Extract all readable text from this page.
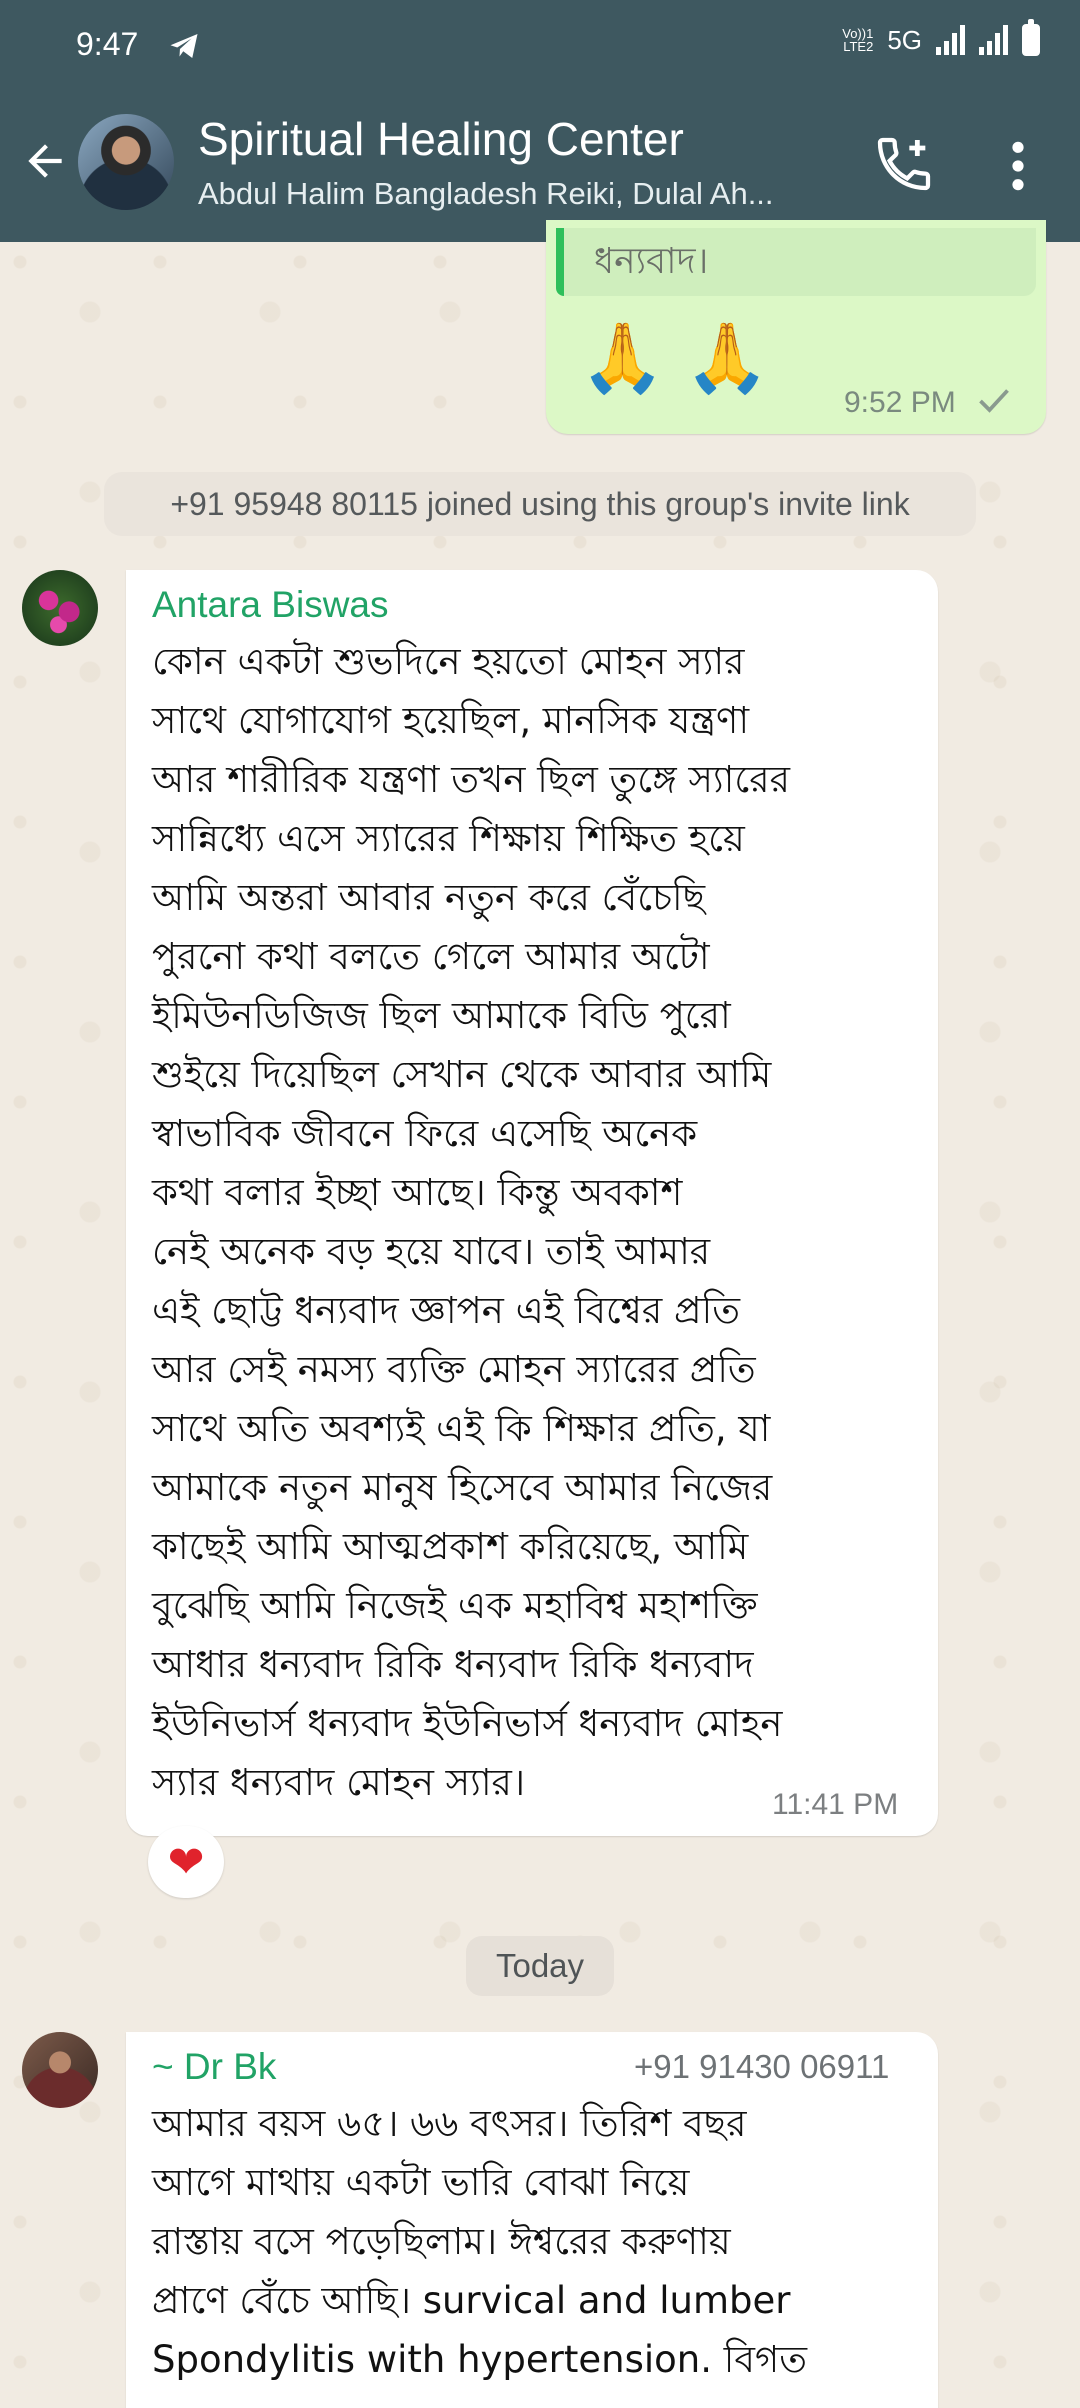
9:47	Vo))1
LTE2 5G
Spiritual Healing Center
Abdul Halim Bangladesh Reiki, Dulal Ah...
ধন্যবাদ।
🙏🙏
9:52 PM
+91 95948 80115 joined using this group's invite link
Antara Biswas
কোন একটা শুভদিনে হয়তো মোহন স্যার
সাথে যোগাযোগ হয়েছিল, মানসিক যন্ত্রণা
আর শারীরিক যন্ত্রণা তখন ছিল তুঙ্গে স্যারের
সান্নিধ্যে এসে স্যারের শিক্ষায় শিক্ষিত হয়ে
আমি অন্তরা আবার নতুন করে বেঁচেছি
পুরনো কথা বলতে গেলে আমার অটো
ইমিউনডিজিজ ছিল আমাকে বিডি পুরো
শুইয়ে দিয়েছিল সেখান থেকে আবার আমি
স্বাভাবিক জীবনে ফিরে এসেছি অনেক
কথা বলার ইচ্ছা আছে। কিন্তু অবকাশ
নেই অনেক বড় হয়ে যাবে। তাই আমার
এই ছোট্ট ধন্যবাদ জ্ঞাপন এই বিশ্বের প্রতি
আর সেই নমস্য ব্যক্তি মোহন স্যারের প্রতি
সাথে অতি অবশ্যই এই কি শিক্ষার প্রতি, যা
আমাকে নতুন মানুষ হিসেবে আমার নিজের
কাছেই আমি আত্মপ্রকাশ করিয়েছে, আমি
বুঝেছি আমি নিজেই এক মহাবিশ্ব মহাশক্তি
আধার ধন্যবাদ রিকি ধন্যবাদ রিকি ধন্যবাদ
ইউনিভার্স ধন্যবাদ ইউনিভার্স ধন্যবাদ মোহন
স্যার ধন্যবাদ মোহন স্যার।
11:41 PM
❤
Today
~ Dr Bk	+91 91430 06911
আমার বয়স ৬৫। ৬৬ বৎসর। তিরিশ বছর
আগে মাথায় একটা ভারি বোঝা নিয়ে
রাস্তায় বসে পড়েছিলাম। ঈশ্বরের করুণায়
প্রাণে বেঁচে আছি। survical and lumber
Spondylitis with hypertension. বিগত
